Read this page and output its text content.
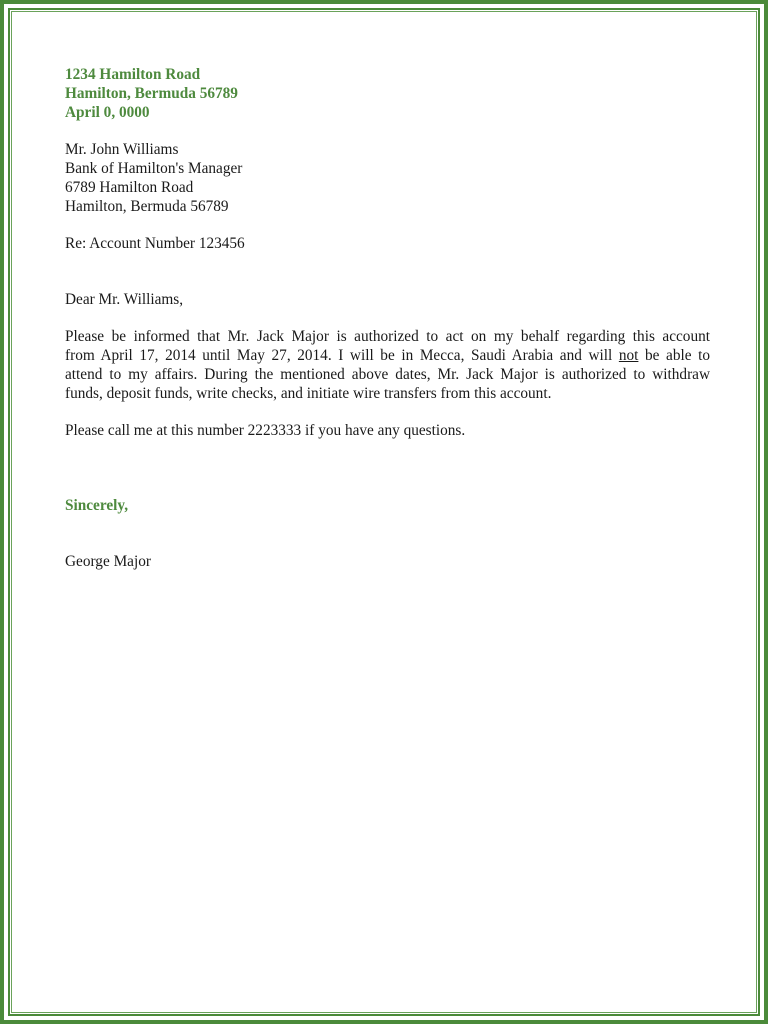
1234 Hamilton Road
Hamilton, Bermuda 56789
April 0, 0000
Mr. John Williams
Bank of Hamilton's Manager
6789 Hamilton Road
Hamilton, Bermuda 56789
Re: Account Number 123456
Dear Mr. Williams,
Please be informed that Mr. Jack Major is authorized to act on my behalf regarding this account
from April 17, 2014 until May 27, 2014. I will be in Mecca, Saudi Arabia and will not be able to
attend to my affairs. During the mentioned above dates, Mr. Jack Major is authorized to withdraw
funds, deposit funds, write checks, and initiate wire transfers from this account.
Please call me at this number 2223333 if you have any questions.
Sincerely,
George Major
